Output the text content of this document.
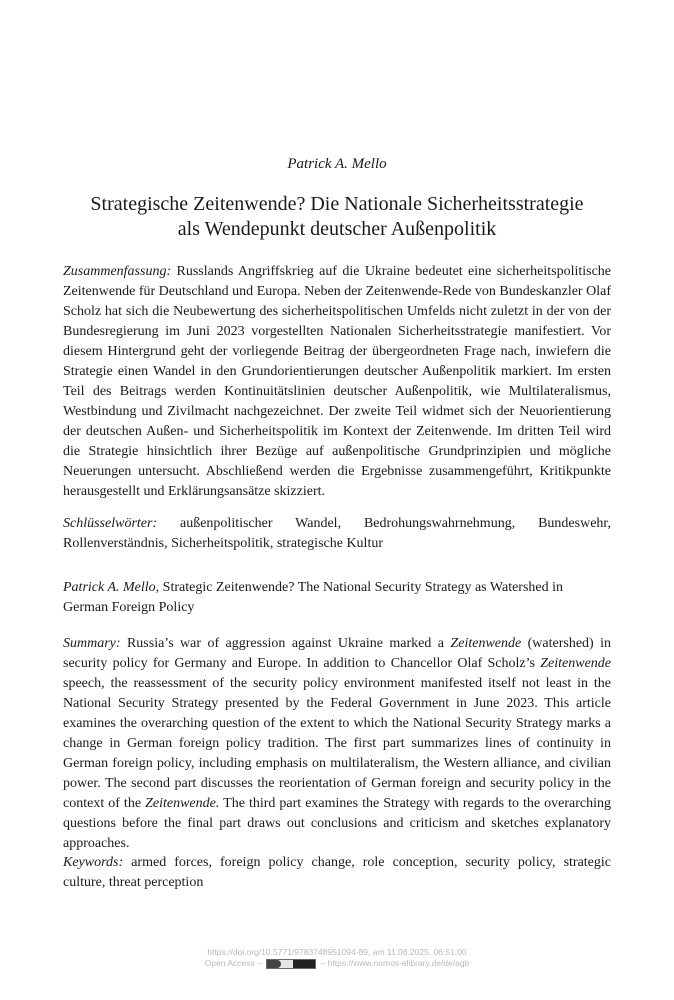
Patrick A. Mello
Strategische Zeitenwende? Die Nationale Sicherheitsstrategie
als Wendepunkt deutscher Außenpolitik

Zusammenfassung: Russlands Angriffskrieg auf die Ukraine bedeutet eine sicherheitspolitische Zeitenwende für Deutschland und Europa. Neben der Zeitenwende-Rede von Bundeskanzler Olaf Scholz hat sich die Neubewertung des sicherheitspolitischen Umfelds nicht zuletzt in der von der Bundesregierung im Juni 2023 vorgestellten Nationalen Sicherheitsstrategie manifestiert. Vor diesem Hintergrund geht der vorliegende Beitrag der übergeordneten Frage nach, inwiefern die Strategie einen Wandel in den Grundorientierungen deutscher Außenpolitik markiert. Im ersten Teil des Beitrags werden Kontinuitätslinien deutscher Außenpolitik, wie Multilateralismus, Westbindung und Zivilmacht nachgezeichnet. Der zweite Teil widmet sich der Neuorientierung der deutschen Außen- und Sicherheitspolitik im Kontext der Zeitenwende. Im dritten Teil wird die Strategie hinsichtlich ihrer Bezüge auf außenpolitische Grundprinzipien und mögliche Neuerungen untersucht. Abschließend werden die Ergebnisse zusammengeführt, Kritikpunkte herausgestellt und Erklärungsansätze skizziert.

Schlüsselwörter: außenpolitischer Wandel, Bedrohungswahrnehmung, Bundeswehr, Rollenverständnis, Sicherheitspolitik, strategische Kultur

Patrick A. Mello, Strategic Zeitenwende? The National Security Strategy as Watershed in German Foreign Policy

Summary: Russia’s war of aggression against Ukraine marked a Zeitenwende (watershed) in security policy for Germany and Europe. In addition to Chancellor Olaf Scholz’s Zeitenwende speech, the reassessment of the security policy environment manifested itself not least in the National Security Strategy presented by the Federal Government in June 2023. This article examines the overarching question of the extent to which the National Security Strategy marks a change in German foreign policy tradition. The first part summarizes lines of continuity in German foreign policy, including emphasis on multilateralism, the Western alliance, and civilian power. The second part discusses the reorientation of German foreign and security policy in the context of the Zeitenwende. The third part examines the Strategy with regards to the overarching questions before the final part draws out conclusions and criticism and sketches explanatory approaches.

Keywords: armed forces, foreign policy change, role conception, security policy, strategic culture, threat perception

https://doi.org/10.5771/9783748951094-89, am 11.06.2025, 06:51:00
Open Access –	– https://www.nomos-elibrary.de/de/agb
